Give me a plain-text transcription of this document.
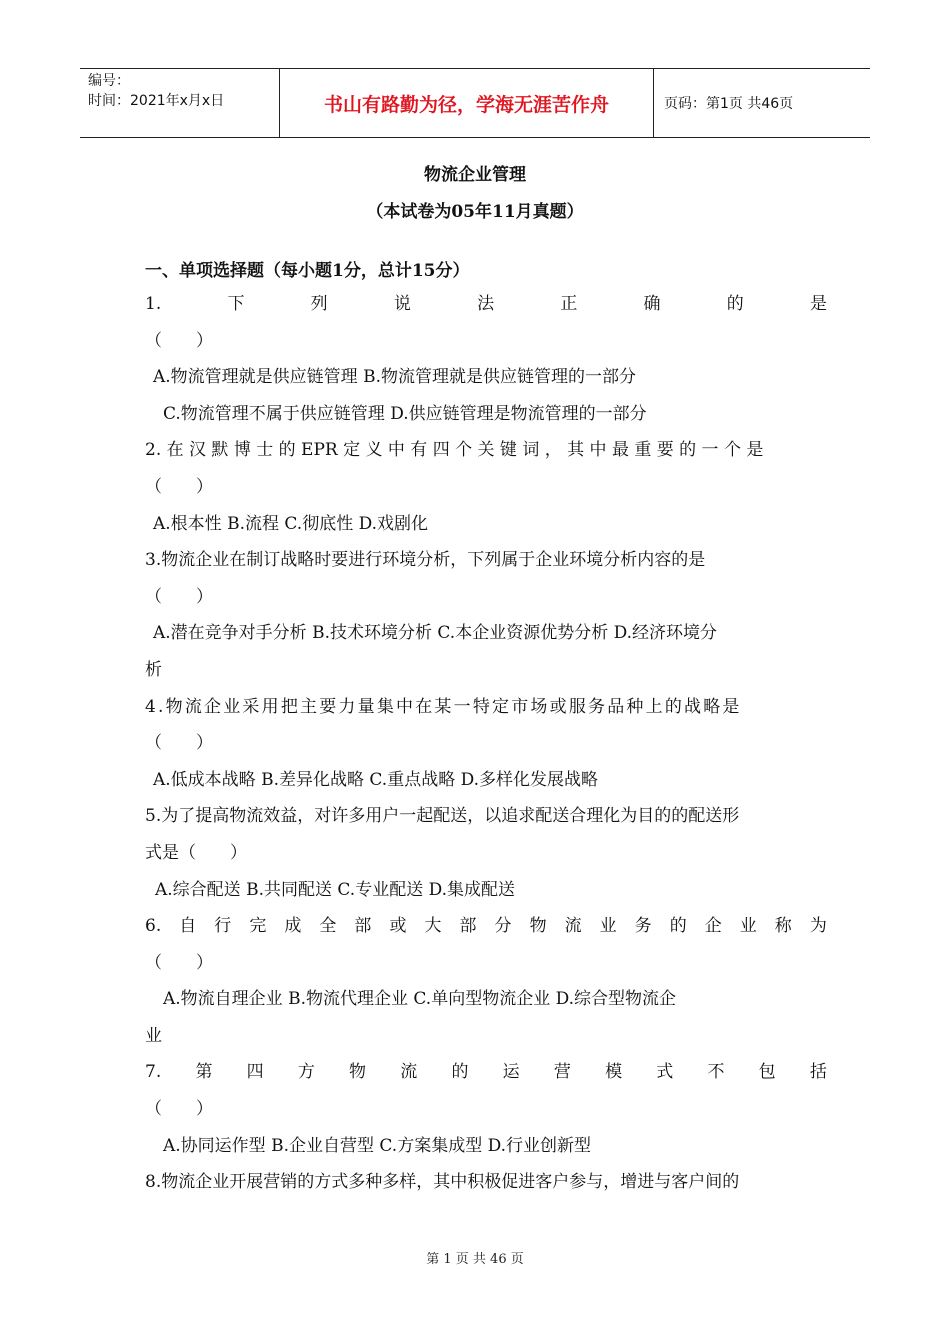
编号：
时间：2021年x月x日	书山有路勤为径，学海无涯苦作舟	页码：第1页 共46页
物流企业管理
（本试卷为05年11月真题）
一、单项选择题（每小题1分，总计15分）
1.	下	列	说	法	正	确	的	是
（　　）
A.物流管理就是供应链管理 B.物流管理就是供应链管理的一部分
C.物流管理不属于供应链管理 D.供应链管理是物流管理的一部分
2. 在 汉 默 博 士 的 EPR 定 义 中 有 四 个 关 键 词 ， 其 中 最 重 要 的 一 个 是
（　　）
A.根本性 B.流程 C.彻底性 D.戏剧化
3.物流企业在制订战略时要进行环境分析，下列属于企业环境分析内容的是
（　　）
A.潜在竞争对手分析 B.技术环境分析 C.本企业资源优势分析 D.经济环境分
析
4.物流企业采用把主要力量集中在某一特定市场或服务品种上的战略是
（　　）
A.低成本战略 B.差异化战略 C.重点战略 D.多样化发展战略
5.为了提高物流效益，对许多用户一起配送，以追求配送合理化为目的的配送形
式是（　　）
A.综合配送 B.共同配送 C.专业配送 D.集成配送
6. 自 行 完 成 全 部 或 大 部 分 物 流 业 务 的 企 业 称 为
（　　）
A.物流自理企业 B.物流代理企业 C.单向型物流企业 D.综合型物流企
业
7. 第 四 方 物 流 的 运 营 模 式 不 包 括
（　　）
A.协同运作型 B.企业自营型 C.方案集成型 D.行业创新型
8.物流企业开展营销的方式多种多样，其中积极促进客户参与，增进与客户间的
第 1 页 共 46 页
